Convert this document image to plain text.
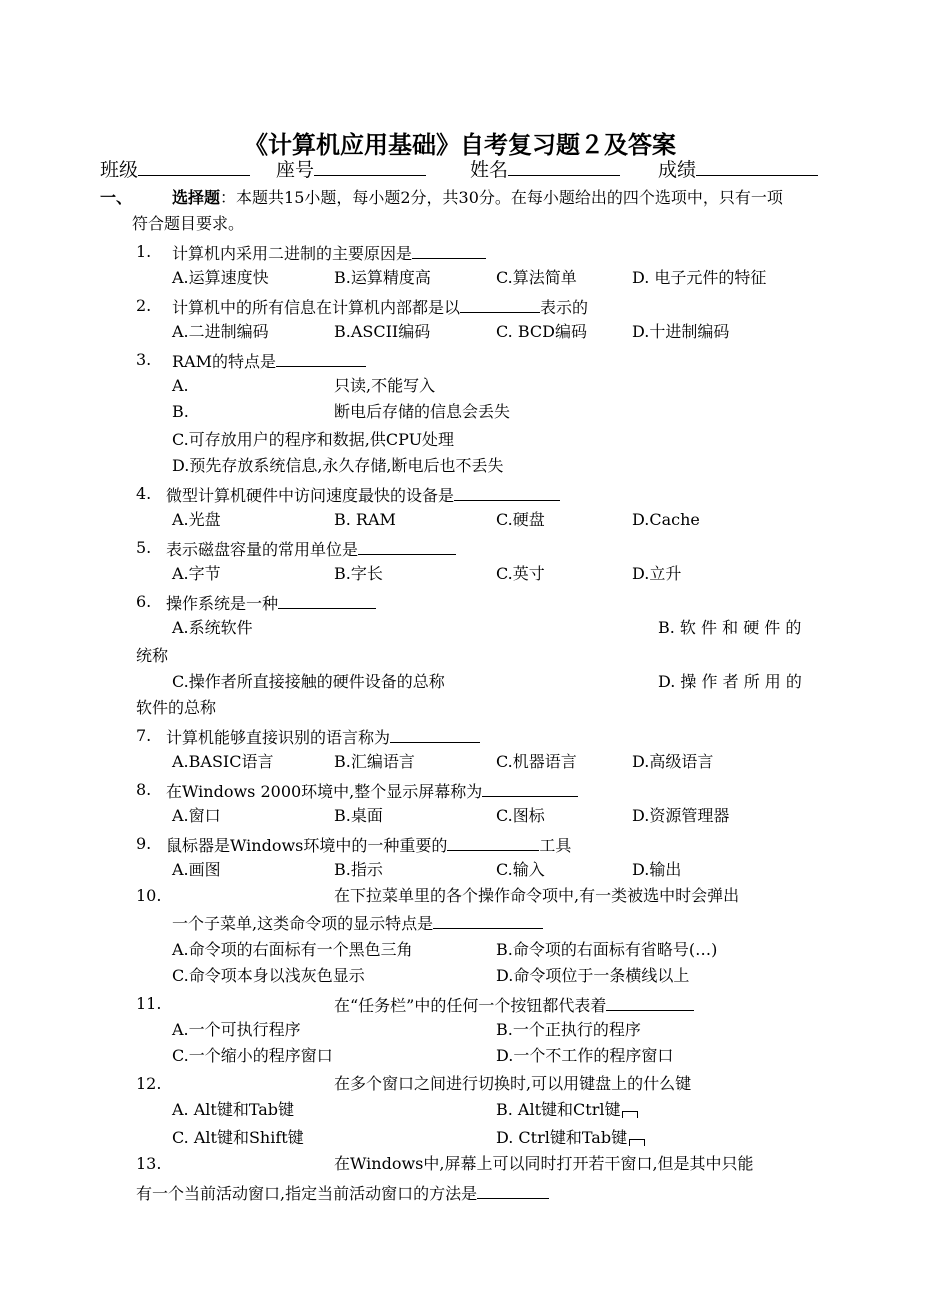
《计算机应用基础》自考复习题２及答案
班级	座号	姓名	成绩
一、 选择题：本题共15小题，每小题2分，共30分。在每小题给出的四个选项中，只有一项
符合题目要求。
1. 计算机内采用二进制的主要原因是
A.运算速度快	B.运算精度高	C.算法简单	D. 电子元件的特征
2. 计算机中的所有信息在计算机内部都是以	表示的
A.二进制编码	B.ASCII编码	C. BCD编码	D.十进制编码
3. RAM的特点是
A.	只读,不能写入
B.	断电后存储的信息会丢失
C.可存放用户的程序和数据,供CPU处理
D.预先存放系统信息,永久存储,断电后也不丢失
4. 微型计算机硬件中访问速度最快的设备是
A.光盘	B. RAM	C.硬盘	D.Cache
5. 表示磁盘容量的常用单位是
A.字节	B.字长	C.英寸	D.立升
6. 操作系统是一种
A.系统软件	B. 软 件 和 硬 件 的
统称
C.操作者所直接接触的硬件设备的总称	D. 操 作 者 所 用 的
软件的总称
7. 计算机能够直接识别的语言称为
A.BASIC语言	B.汇编语言	C.机器语言	D.高级语言
8. 在Windows 2000环境中,整个显示屏幕称为
A.窗口	B.桌面	C.图标	D.资源管理器
9. 鼠标器是Windows环境中的一种重要的	工具
A.画图	B.指示	C.输入	D.输出
10.	在下拉菜单里的各个操作命令项中,有一类被选中时会弹出
一个子菜单,这类命令项的显示特点是
A.命令项的右面标有一个黑色三角	B.命令项的右面标有省略号(…)
C.命令项本身以浅灰色显示	D.命令项位于一条横线以上
11.	在“任务栏”中的任何一个按钮都代表着
A.一个可执行程序	B.一个正执行的程序
C.一个缩小的程序窗口	D.一个不工作的程序窗口
12.	在多个窗口之间进行切换时,可以用键盘上的什么键
A. Alt键和Tab键	B. Alt键和Ctrl键
C. Alt键和Shift键	D. Ctrl键和Tab键
13.	在Windows中,屏幕上可以同时打开若干窗口,但是其中只能
有一个当前活动窗口,指定当前活动窗口的方法是
